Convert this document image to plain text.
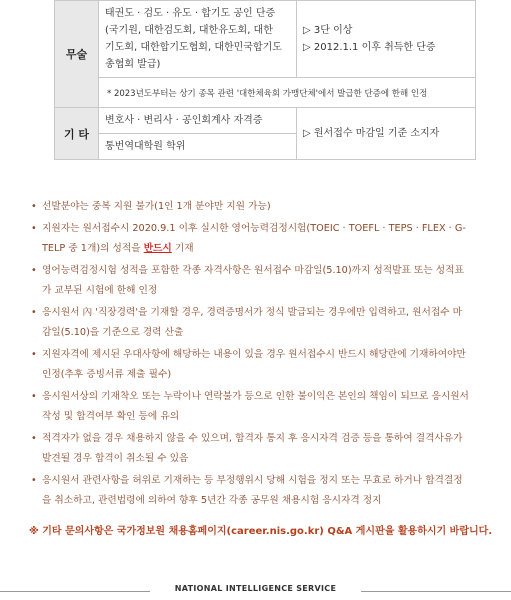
무술	태권도 · 검도 · 유도 · 합기도 공인 단증
(국기원, 대한검도회, 대한유도회, 대한
기도회, 대한합기도협회, 대한민국합기도
총협회 발급)	▷ 3단 이상
▷ 2012.1.1 이후 취득한 단증

	* 2023년도부터는 상기 종목 관련 '대한체육회 가맹단체'에서 발급한 단증에 한해 인정	
기 타	변호사 · 변리사 · 공인회계사 자격증	▷ 원서접수 마감일 기준 소지자
	통번역대학원 학위	
• 선발분야는 중복 지원 불가(1인 1개 분야만 지원 가능)
• 지원자는 원서접수시 2020.9.1 이후 실시한 영어능력검정시험(TOEIC · TOEFL · TEPS · FLEX · G-TELP 중 1개)의 성적을 반드시 기재
• 영어능력검정시험 성적을 포함한 각종 자격사항은 원서접수 마감일(5.10)까지 성적발표 또는 성적표가 교부된 시험에 한해 인정
• 응시원서 內 '직장경력'을 기재할 경우, 경력증명서가 정식 발급되는 경우에만 입력하고, 원서접수 마감일(5.10)을 기준으로 경력 산출
• 지원자격에 제시된 우대사항에 해당하는 내용이 있을 경우 원서접수시 반드시 해당란에 기재하여야만 인정(추후 증빙서류 제출 필수)
• 응시원서상의 기재착오 또는 누락이나 연락불가 등으로 인한 불이익은 본인의 책임이 되므로 응시원서 작성 및 합격여부 확인 등에 유의
• 적격자가 없을 경우 채용하지 않을 수 있으며, 합격자 통지 후 응시자격 검증 등을 통하여 결격사유가 발견될 경우 합격이 취소될 수 있음
• 응시원서 관련사항을 허위로 기재하는 등 부정행위시 당해 시험을 정지 또는 무효로 하거나 합격결정을 취소하고, 관련법령에 의하여 향후 5년간 각종 공무원 채용시험 응시자격 정지
※ 기타 문의사항은 국가정보원 채용홈페이지(career.nis.go.kr) Q&A 게시판을 활용하시기 바랍니다.
NATIONAL INTELLIGENCE SERVICE
